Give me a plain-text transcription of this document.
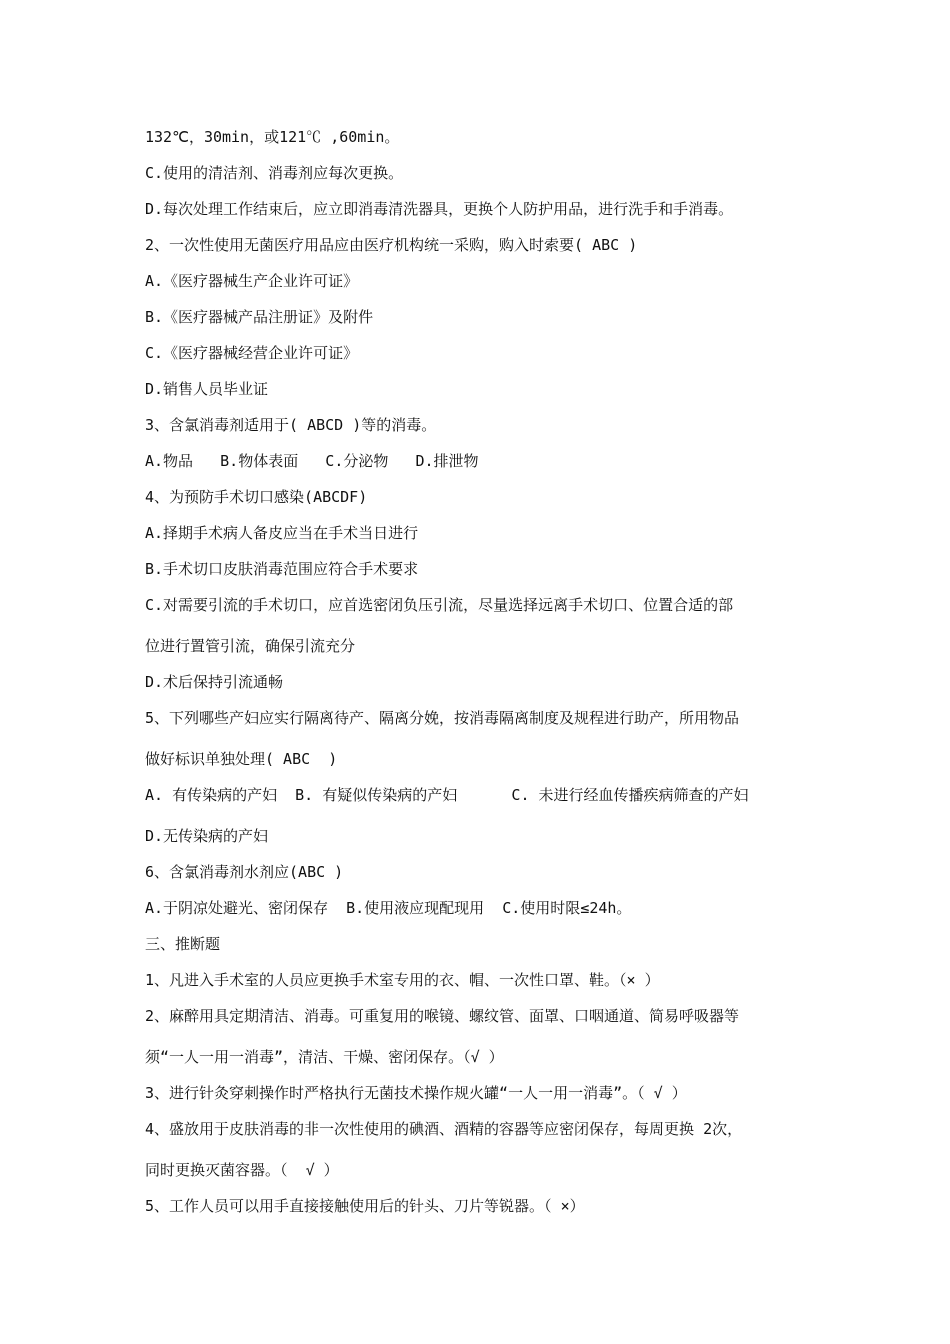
132℃，30min，或121℃ ,60min。
C.使用的清洁剂、消毒剂应每次更换。
D.每次处理工作结束后，应立即消毒清洗器具，更换个人防护用品，进行洗手和手消毒。
2、一次性使用无菌医疗用品应由医疗机构统一采购，购入时索要( ABC )
A.《医疗器械生产企业许可证》
B.《医疗器械产品注册证》及附件
C.《医疗器械经营企业许可证》
D.销售人员毕业证
3、含氯消毒剂适用于( ABCD )等的消毒。
A.物品   B.物体表面   C.分泌物   D.排泄物
4、为预防手术切口感染(ABCDF)
A.择期手术病人备皮应当在手术当日进行
B.手术切口皮肤消毒范围应符合手术要求
C.对需要引流的手术切口，应首选密闭负压引流，尽量选择远离手术切口、位置合适的部
位进行置管引流，确保引流充分
D.术后保持引流通畅
5、下列哪些产妇应实行隔离待产、隔离分娩，按消毒隔离制度及规程进行助产，所用物品
做好标识单独处理( ABC  )
A. 有传染病的产妇  B. 有疑似传染病的产妇      C. 未进行经血传播疾病筛查的产妇
D.无传染病的产妇
6、含氯消毒剂水剂应(ABC )
A.于阴凉处避光、密闭保存  B.使用液应现配现用  C.使用时限≤24h。
三、推断题
1、凡进入手术室的人员应更换手术室专用的衣、帽、一次性口罩、鞋。（× ）
2、麻醉用具定期清洁、消毒。可重复用的喉镜、螺纹管、面罩、口咽通道、简易呼吸器等
须“一人一用一消毒”，清洁、干燥、密闭保存。（√ ）
3、进行针灸穿刺操作时严格执行无菌技术操作规火罐“一人一用一消毒”。（ √ ）
4、盛放用于皮肤消毒的非一次性使用的碘酒、酒精的容器等应密闭保存，每周更换 2次，
同时更换灭菌容器。（  √ ）
5、工作人员可以用手直接接触使用后的针头、刀片等锐器。（ ×）
